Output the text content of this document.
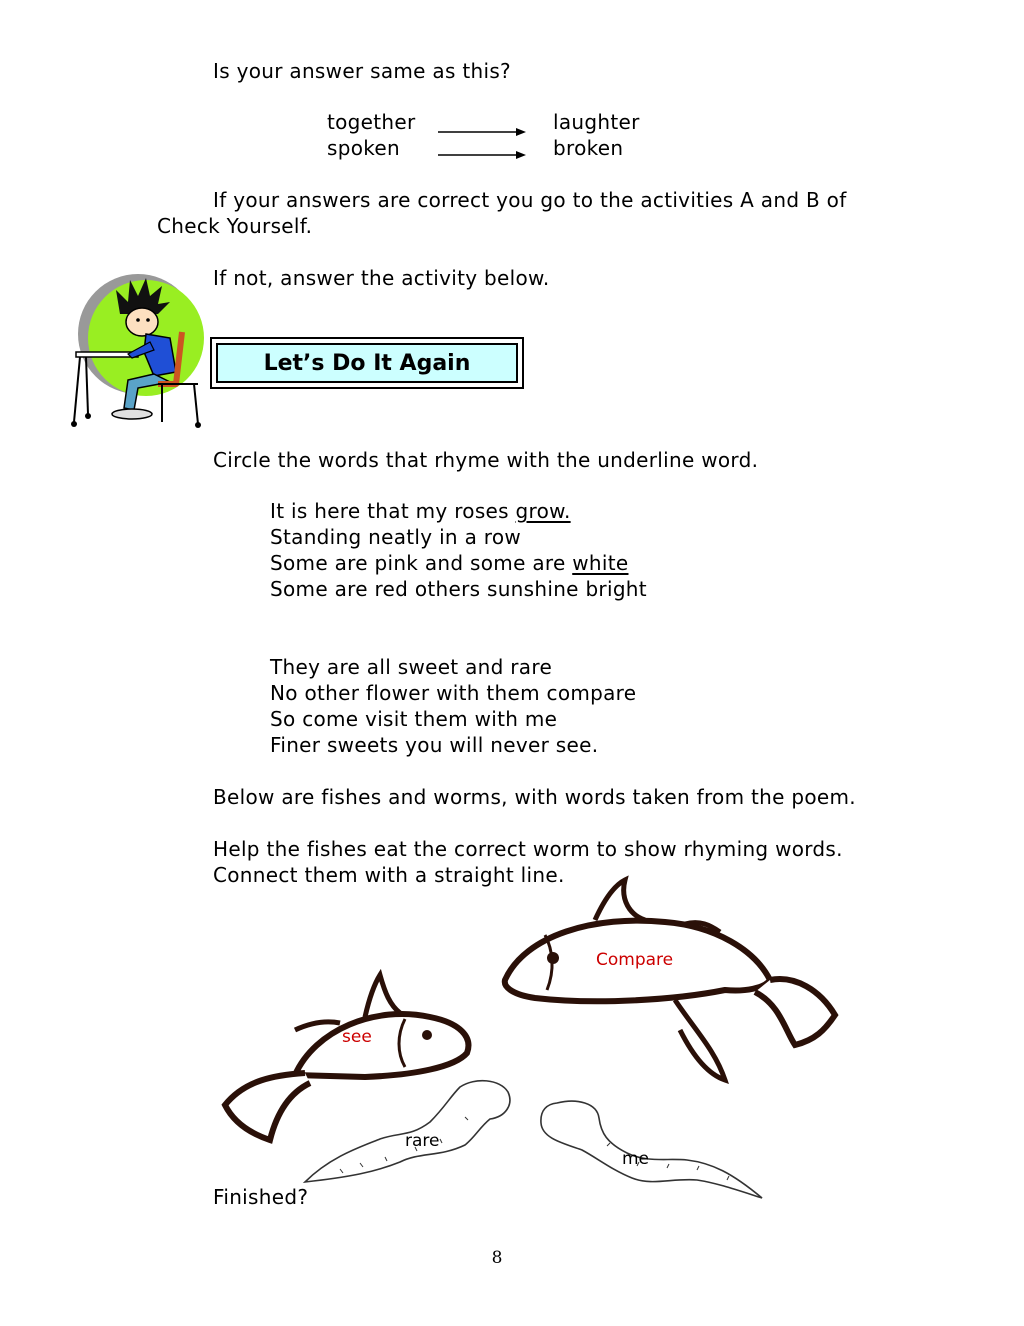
Is your answer same as this?

together	laughter

spoken	broken

If your answers are correct you go to the activities A and B of

Check Yourself.

If not, answer the activity below.

Let’s Do It Again

Circle the words that rhyme with the underline word.

It is here that my roses grow.

Standing neatly in a row

Some are pink and some are white

Some are red others sunshine bright

They are all sweet and rare

No other flower with them compare

So come visit them with me

Finer sweets you will never see.

Below are fishes and worms, with words taken from the poem.

Help the fishes eat the correct worm to show rhyming words.

Connect them with a straight line.

Compare
see
rare
me

Finished?

8
